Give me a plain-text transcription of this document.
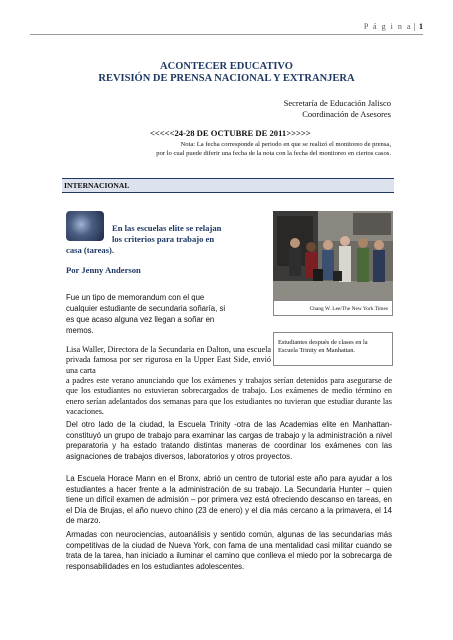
P á g i n a | 1
ACONTECER EDUCATIVO
REVISIÓN DE PRENSA NACIONAL Y EXTRANJERA
Secretaría de Educación Jalisco
Coordinación de Asesores
<<<<<24-28 DE OCTUBRE DE 2011>>>>>
Nota: La fecha corresponde al periodo en que se realizó el monitoreo de prensa,
por lo cual puede diferir una fecha de la nota con la fecha del monitoreo en ciertos casos.
INTERNACIONAL
En las escuelas elite se relajan
los criterios para trabajo en
casa (tareas).
Por Jenny Anderson
Chang W. Lee/The New York Times
Estudiantes después de clases en la Escuela Trinity en Manhattan.
Fue un tipo de memorandum con el que
cualquier estudiante de secundaria soñaría, si
es que acaso alguna vez llegan a soñar en
memos.
Lisa Waller, Directora de la Secundaria en Dalton, una escuela privada famosa por ser rigurosa en la Upper East Side, envió una carta
a padres este verano anunciando que los exámenes y trabajos serían detenidos para asegurarse de que los estudiantes no estuvieran sobrecargados de trabajo. Los exámenes de medio término en enero serían adelantados dos semanas para que los estudiantes no tuvieran que estudiar durante las vacaciones.
Del otro lado de la ciudad, la Escuela Trinity -otra de las Academias elite en Manhattan- constituyó un grupo de trabajo para examinar las cargas de trabajo y la administración a nivel preparatoria y ha estado tratando distintas maneras de coordinar los exámenes con las asignaciones de trabajos diversos, laboratorios y otros proyectos.
La Escuela Horace Mann en el Bronx, abrió un centro de tutorial este año para ayudar a los estudiantes a hacer frente a la administración de su trabajo. La Secundaria Hunter – quien tiene un difícil examen de admisión – por primera vez está ofreciendo descanso en tareas, en el Día de Brujas, el año nuevo chino (23 de enero) y el día más cercano a la primavera, el 14 de marzo.
Armadas con neurociencias, autoanálisis y sentido común, algunas de las secundarias más competitivas de la ciudad de Nueva York, con fama de una mentalidad casi militar cuando se trata de la tarea, han iniciado a iluminar el camino que conlleva el miedo por la sobrecarga de responsabilidades en los estudiantes adolescentes.
